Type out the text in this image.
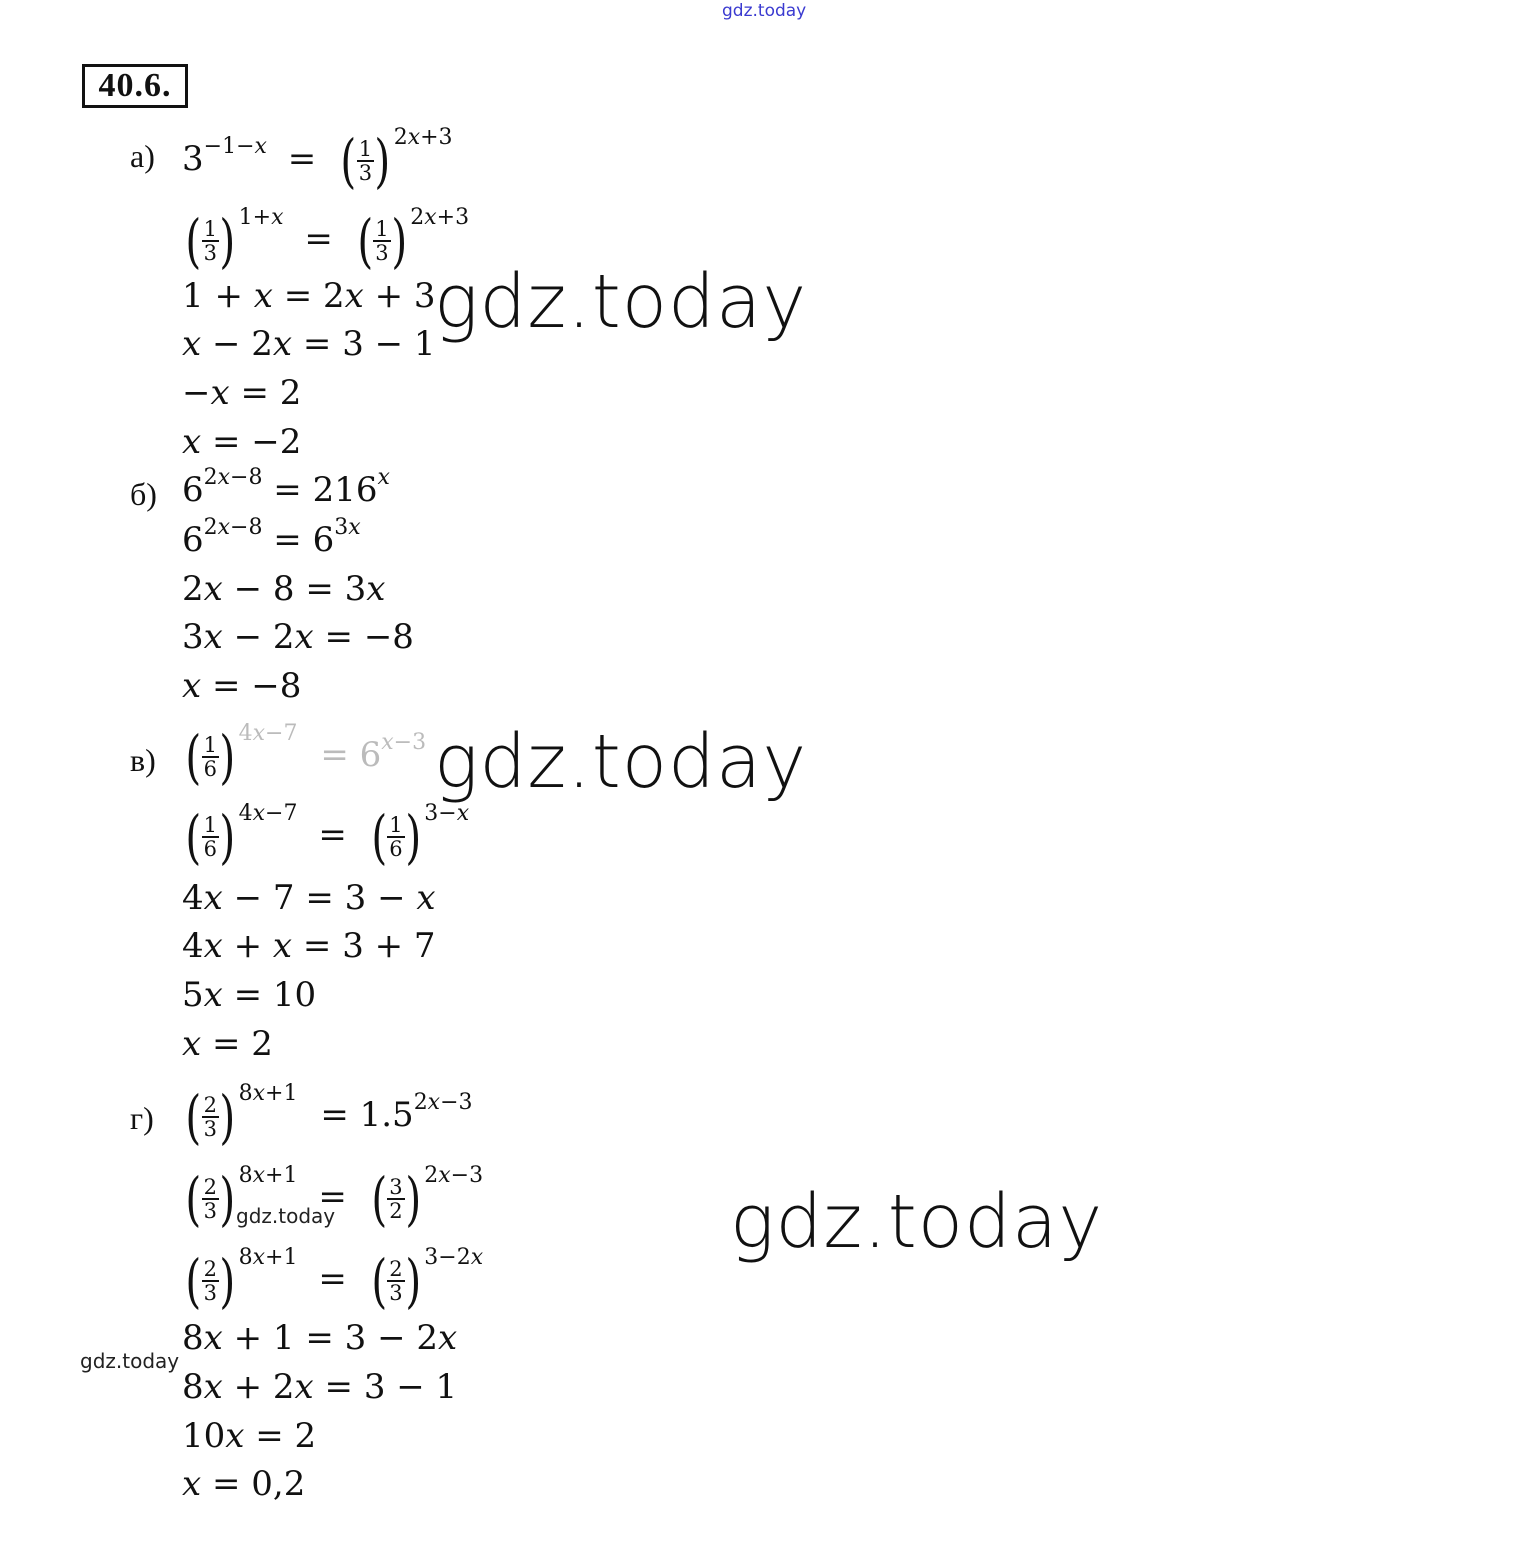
gdz.today
40.6.
а) $3^{-1-𝑥}$ = ( $\frac{1}{3}$ ) 2𝑥+3
( $\frac{1}{3}$ ) 1+𝑥
= ( $\frac{1}{3}$ ) 2𝑥+3
1 + 𝑥 = 2𝑥 + 3
𝑥 − 2𝑥 = 3 − 1
−𝑥 = 2
𝑥 = −2
б) $6^{2𝑥-8} = 216^𝑥$
$6^{2𝑥-8} = 6^{3𝑥}$
2𝑥 − 8 = 3𝑥
3𝑥 − 2𝑥 = −8
𝑥 = −8
в) ( $\frac{1}{6}$ ) 4𝑥−7
= $6^{𝑥-3}$
( $\frac{1}{6}$ ) 4𝑥−7
= ( $\frac{1}{6}$ ) 3−𝑥
4𝑥 − 7 = 3 − 𝑥
4𝑥 + 𝑥 = 3 + 7
5𝑥 = 10
𝑥 = 2
г) ( $\frac{2}{3}$ ) 8𝑥+1
= $1.5^{2𝑥-3}$
( $\frac{2}{3}$ ) 8𝑥+1
= ( $\frac{3}{2}$ ) 2𝑥−3
( $\frac{2}{3}$ ) 8𝑥+1
= ( $\frac{2}{3}$ ) 3−2𝑥
8𝑥 + 1 = 3 − 2𝑥
8𝑥 + 2𝑥 = 3 − 1
10𝑥 = 2
𝑥 = 0,2
gdz.today
gdz.today
gdz.today
gdz.today
gdz.today
